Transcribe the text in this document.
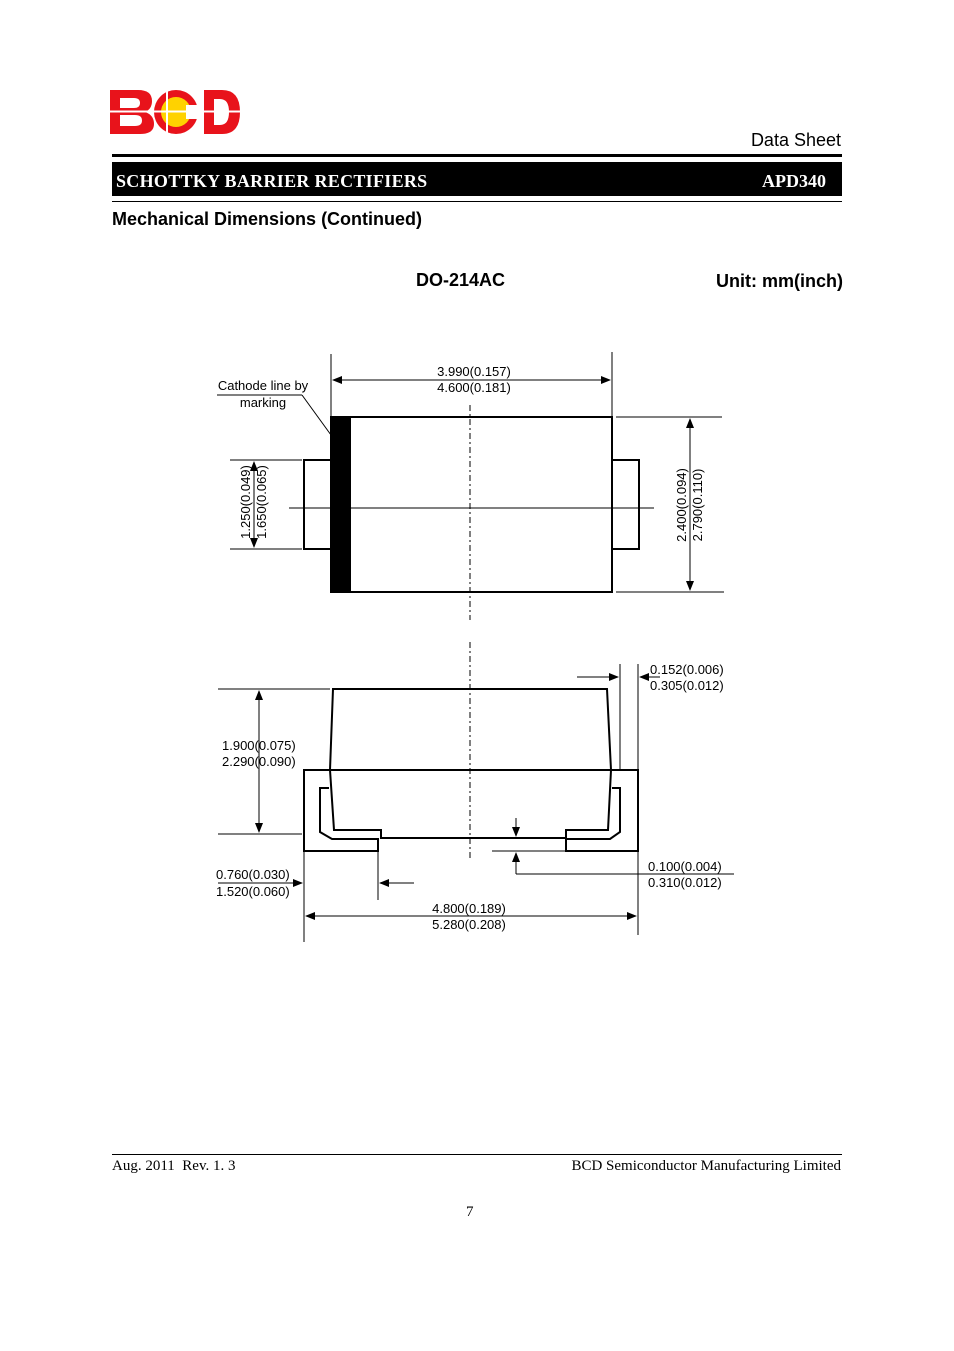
Data Sheet
SCHOTTKY BARRIER RECTIFIERS	APD340
Mechanical Dimensions (Continued)
DO-214AC	Unit: mm(inch)
3.990(0.157)
4.600(0.181)
Cathode line by
marking
2.400(0.094) 2.790(0.110)
1.250(0.049) 1.650(0.065)
1.900(0.075)
2.290(0.090)
0.152(0.006)
0.305(0.012)
0.100(0.004)
0.310(0.012)
0.760(0.030)
1.520(0.060)
4.800(0.189)
5.280(0.208)
Aug. 2011  Rev. 1. 3	BCD Semiconductor Manufacturing Limited
7
